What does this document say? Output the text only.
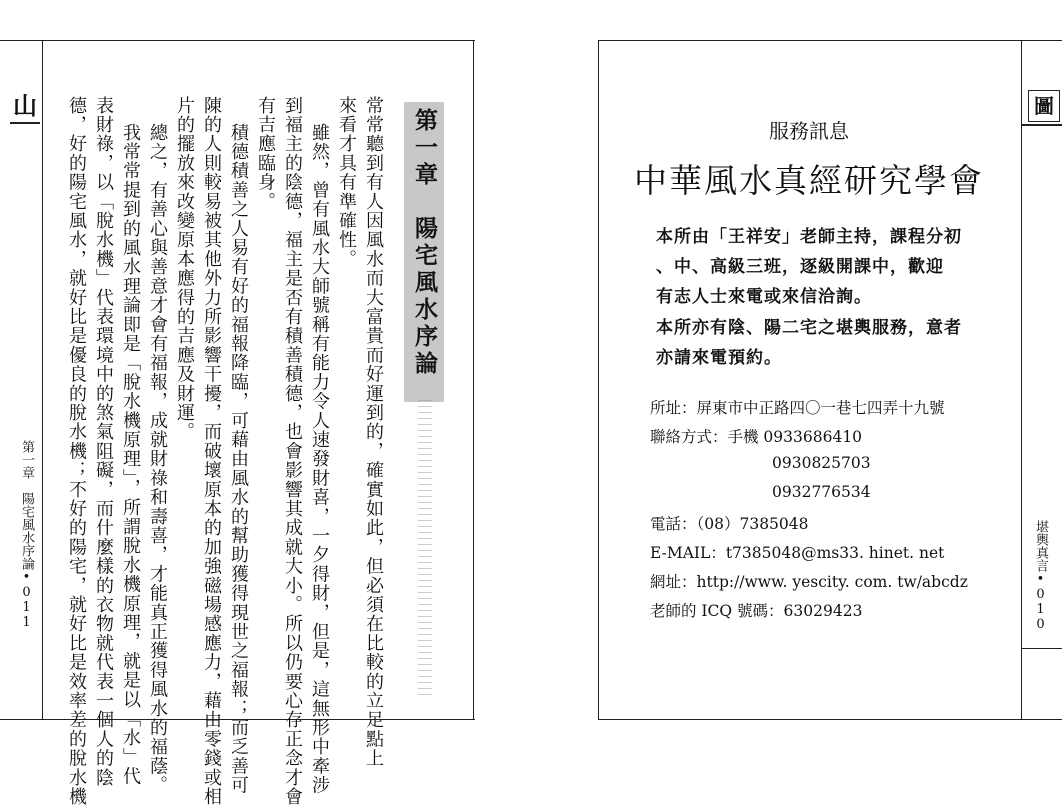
山
第一章　陽宅風水序論
常常聽到有人因風水而大富貴而好運到的，確實如此，但必須在比較的立足點上
來看才具有準確性。
雖然，曾有風水大師號稱有能力令人速發財喜，一夕得財，但是，這無形中牽涉
到福主的陰德，福主是否有積善積德，也會影響其成就大小。所以仍要心存正念才會
有吉應臨身。
積德積善之人易有好的福報降臨，可藉由風水的幫助獲得現世之福報；而乏善可
陳的人則較易被其他外力所影響干擾，而破壞原本的加強磁場感應力，藉由零錢或相
片的擺放來改變原本應得的吉應及財運。
總之，有善心與善意才會有福報，成就財祿和壽喜，才能真正獲得風水的福蔭。
我常常提到的風水理論即是「脫水機原理」，所謂脫水機原理，就是以「水」代
表財祿，以「脫水機」代表環境中的煞氣阻礙，而什麼樣的衣物就代表一個人的陰
德，好的陽宅風水，就好比是優良的脫水機；不好的陽宅，就好比是效率差的脫水機
第一章　陽宅風水序論•011
圖
服務訊息
中華風水真經研究學會
本所由「王祥安」老師主持，課程分初
、中、高級三班，逐級開課中，歡迎
有志人士來電或來信洽詢。
本所亦有陰、陽二宅之堪輿服務，意者
亦請來電預約。
所址：屏東市中正路四〇一巷七四弄十九號
聯絡方式：手機 0933686410
0930825703
0932776534
電話：（08）7385048
E-MAIL：t7385048@ms33. hinet. net
網址：http://www. yescity. com. tw/abcdz
老師的 ICQ 號碼：63029423	堪輿真言•010
